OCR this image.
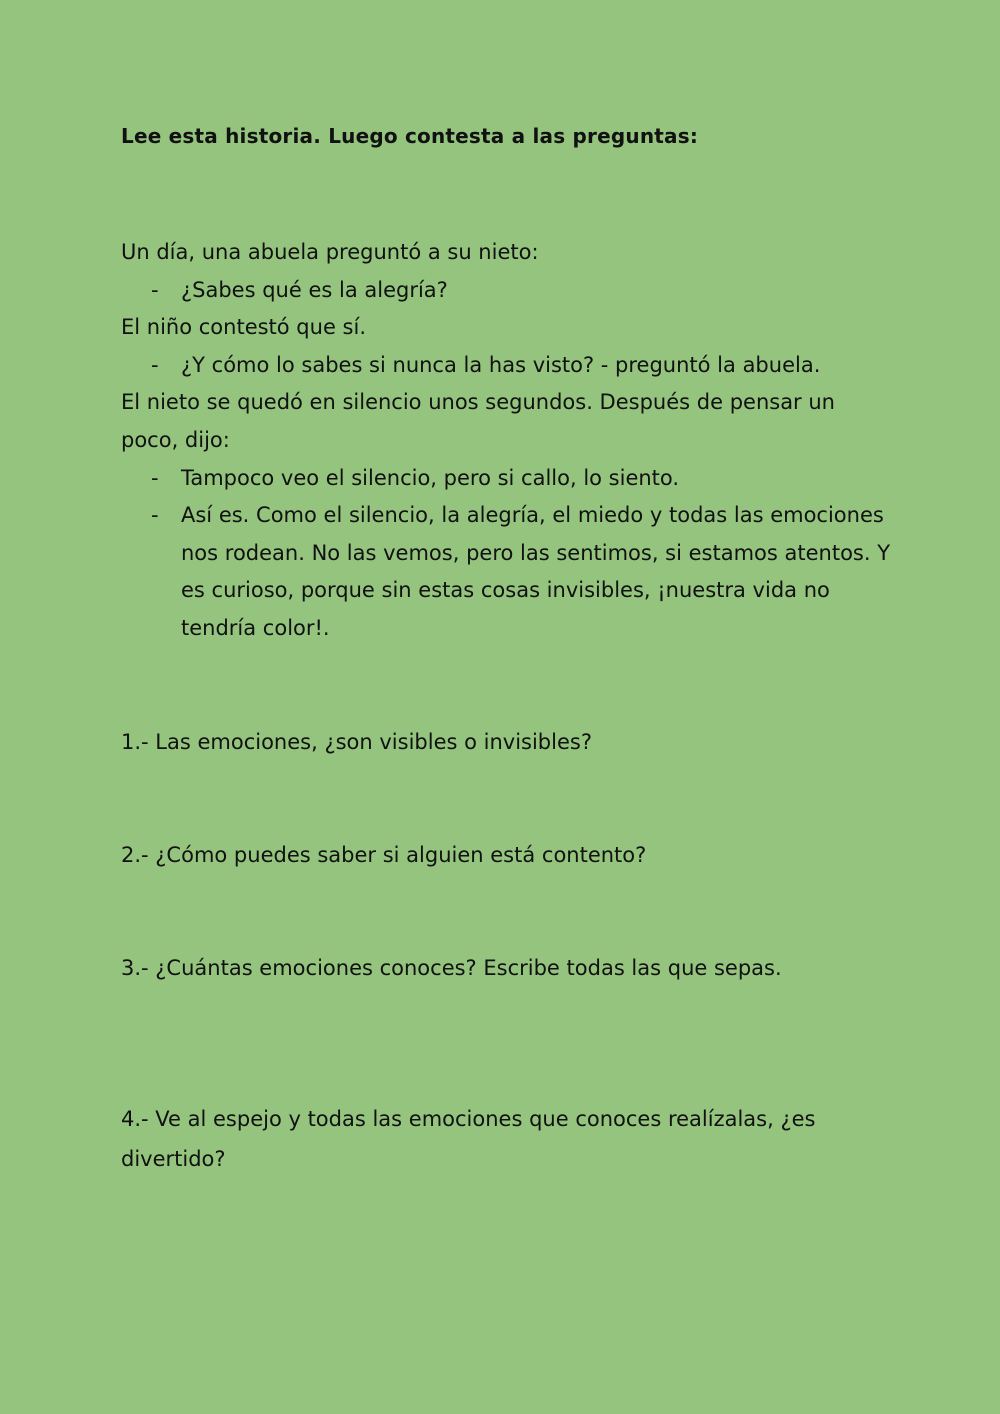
Lee esta historia. Luego contesta a las preguntas:

Un día, una abuela preguntó a su nieto:

- ¿Sabes qué es la alegría?

El niño contestó que sí.

- ¿Y cómo lo sabes si nunca la has visto? - preguntó la abuela.

El nieto se quedó en silencio unos segundos. Después de pensar un

poco, dijo:

- Tampoco veo el silencio, pero si callo, lo siento.

- Así es. Como el silencio, la alegría, el miedo y todas las emociones nos rodean. No las vemos, pero las sentimos, si estamos atentos. Y es curioso, porque sin estas cosas invisibles, ¡nuestra vida no tendría color!.

1.- Las emociones, ¿son visibles o invisibles?
2.- ¿Cómo puedes saber si alguien está contento?
3.- ¿Cuántas emociones conoces? Escribe todas las que sepas.
4.- Ve al espejo y todas las emociones que conoces realízalas, ¿es divertido?
